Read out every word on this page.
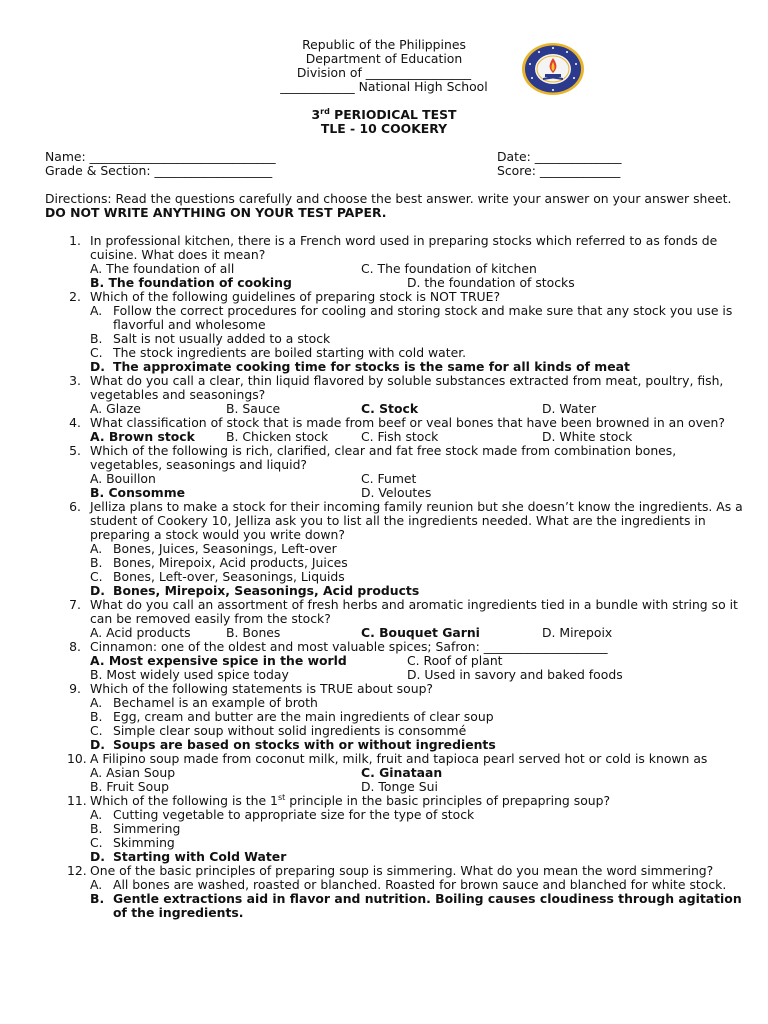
Republic of the Philippines
Department of Education
Division of _________________
____________ National High School
3rd PERIODICAL TEST
TLE - 10 COOKERY
Name: ______________________________	Date: ______________
Grade & Section: ___________________	Score: _____________
Directions: Read the questions carefully and choose the best answer. write your answer on your answer sheet. DO NOT WRITE ANYTHING ON YOUR TEST PAPER.
1. In professional kitchen, there is a French word used in preparing stocks which referred to as fonds de cuisine. What does it mean?
A. The foundation of all	C. The foundation of kitchen
B. The foundation of cooking	D. the foundation of stocks
2. Which of the following guidelines of preparing stock is NOT TRUE?
A. Follow the correct procedures for cooling and storing stock and make sure that any stock you use is flavorful and wholesome
B. Salt is not usually added to a stock
C. The stock ingredients are boiled starting with cold water.
D. The approximate cooking time for stocks is the same for all kinds of meat
3. What do you call a clear, thin liquid flavored by soluble substances extracted from meat, poultry, fish, vegetables and seasonings?
A. Glaze	B. Sauce	C. Stock	D. Water
4. What classification of stock that is made from beef or veal bones that have been browned in an oven?
A. Brown stock	B. Chicken stock	C. Fish stock	D. White stock
5. Which of the following is rich, clarified, clear and fat free stock made from combination bones, vegetables, seasonings and liquid?
A. Bouillon	C. Fumet
B. Consomme	D. Veloutes
6. Jelliza plans to make a stock for their incoming family reunion but she doesn’t know the ingredients. As a student of Cookery 10, Jelliza ask you to list all the ingredients needed. What are the ingredients in preparing a stock would you write down?
A. Bones, Juices, Seasonings, Left-over
B. Bones, Mirepoix, Acid products, Juices
C. Bones, Left-over, Seasonings, Liquids
D. Bones, Mirepoix, Seasonings, Acid products
7. What do you call an assortment of fresh herbs and aromatic ingredients tied in a bundle with string so it can be removed easily from the stock?
A. Acid products	B. Bones	C. Bouquet Garni	D. Mirepoix
8. Cinnamon: one of the oldest and most valuable spices; Safron: ____________________
A. Most expensive spice in the world	C. Roof of plant
B. Most widely used spice today	D. Used in savory and baked foods
9. Which of the following statements is TRUE about soup?
A. Bechamel is an example of broth
B. Egg, cream and butter are the main ingredients of clear soup
C. Simple clear soup without solid ingredients is consommé
D. Soups are based on stocks with or without ingredients
10. A Filipino soup made from coconut milk, milk, fruit and tapioca pearl served hot or cold is known as
A. Asian Soup	C. Ginataan
B. Fruit Soup	D. Tonge Sui
11. Which of the following is the 1st principle in the basic principles of prepapring soup?
A. Cutting vegetable to appropriate size for the type of stock
B. Simmering
C. Skimming
D. Starting with Cold Water
12. One of the basic principles of preparing soup is simmering. What do you mean the word simmering?
A. All bones are washed, roasted or blanched. Roasted for brown sauce and blanched for white stock.
B. Gentle extractions aid in flavor and nutrition. Boiling causes cloudiness through agitation of the ingredients.
